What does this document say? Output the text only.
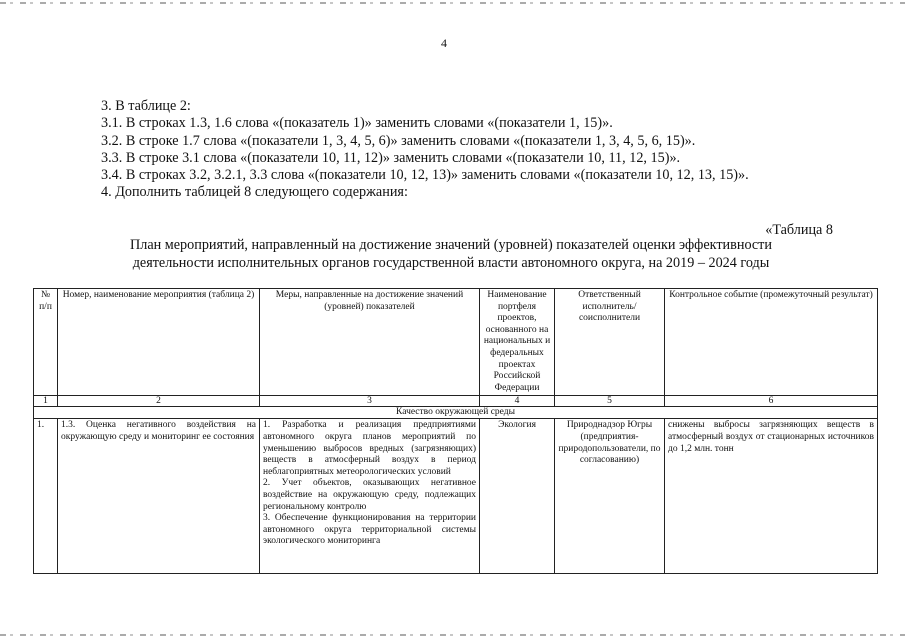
4
3. В таблице 2:
3.1. В строках 1.3, 1.6 слова «(показатель 1)» заменить словами «(показатели 1, 15)».
3.2. В строке 1.7 слова «(показатели 1, 3, 4, 5, 6)» заменить словами «(показатели 1, 3, 4, 5, 6, 15)».
3.3. В строке 3.1 слова «(показатели 10, 11, 12)» заменить словами «(показатели 10, 11, 12, 15)».
3.4. В строках 3.2, 3.2.1, 3.3 слова «(показатели 10, 12, 13)» заменить словами «(показатели 10, 12, 13, 15)».
4. Дополнить таблицей 8 следующего содержания:
«Таблица 8
План мероприятий, направленный на достижение значений (уровней) показателей оценки эффективности
деятельности исполнительных органов государственной власти автономного округа, на 2019 – 2024 годы
№ п/п	Номер, наименование мероприятия (таблица 2)	Меры, направленные на достижение значений (уровней) показателей	Наименование портфеля проектов, основанного на национальных и федеральных проектах Российской Федерации	Ответственный исполнитель/ соисполнители	Контрольное событие (промежуточный результат)
1	2	3	4	5	6
Качество окружающей среды					
1.	1.3. Оценка негативного воздействия на окружающую среду и мониторинг ее состояния	1. Разработка и реализация предприятиями автономного округа планов мероприятий по уменьшению выбросов вредных (загрязняющих) веществ в атмосферный воздух в период неблагоприятных метеорологических условий

2. Учет объектов, оказывающих негативное воздействие на окружающую среду, подлежащих региональному контролю

3. Обеспечение функционирования на территории автономного округа территориальной системы экологического мониторинга	Экология	Природнадзор Югры (предприятия-природопользователи, по согласованию)	снижены выбросы загрязняющих веществ в атмосферный воздух от стационарных источников до 1,2 млн. тонн
